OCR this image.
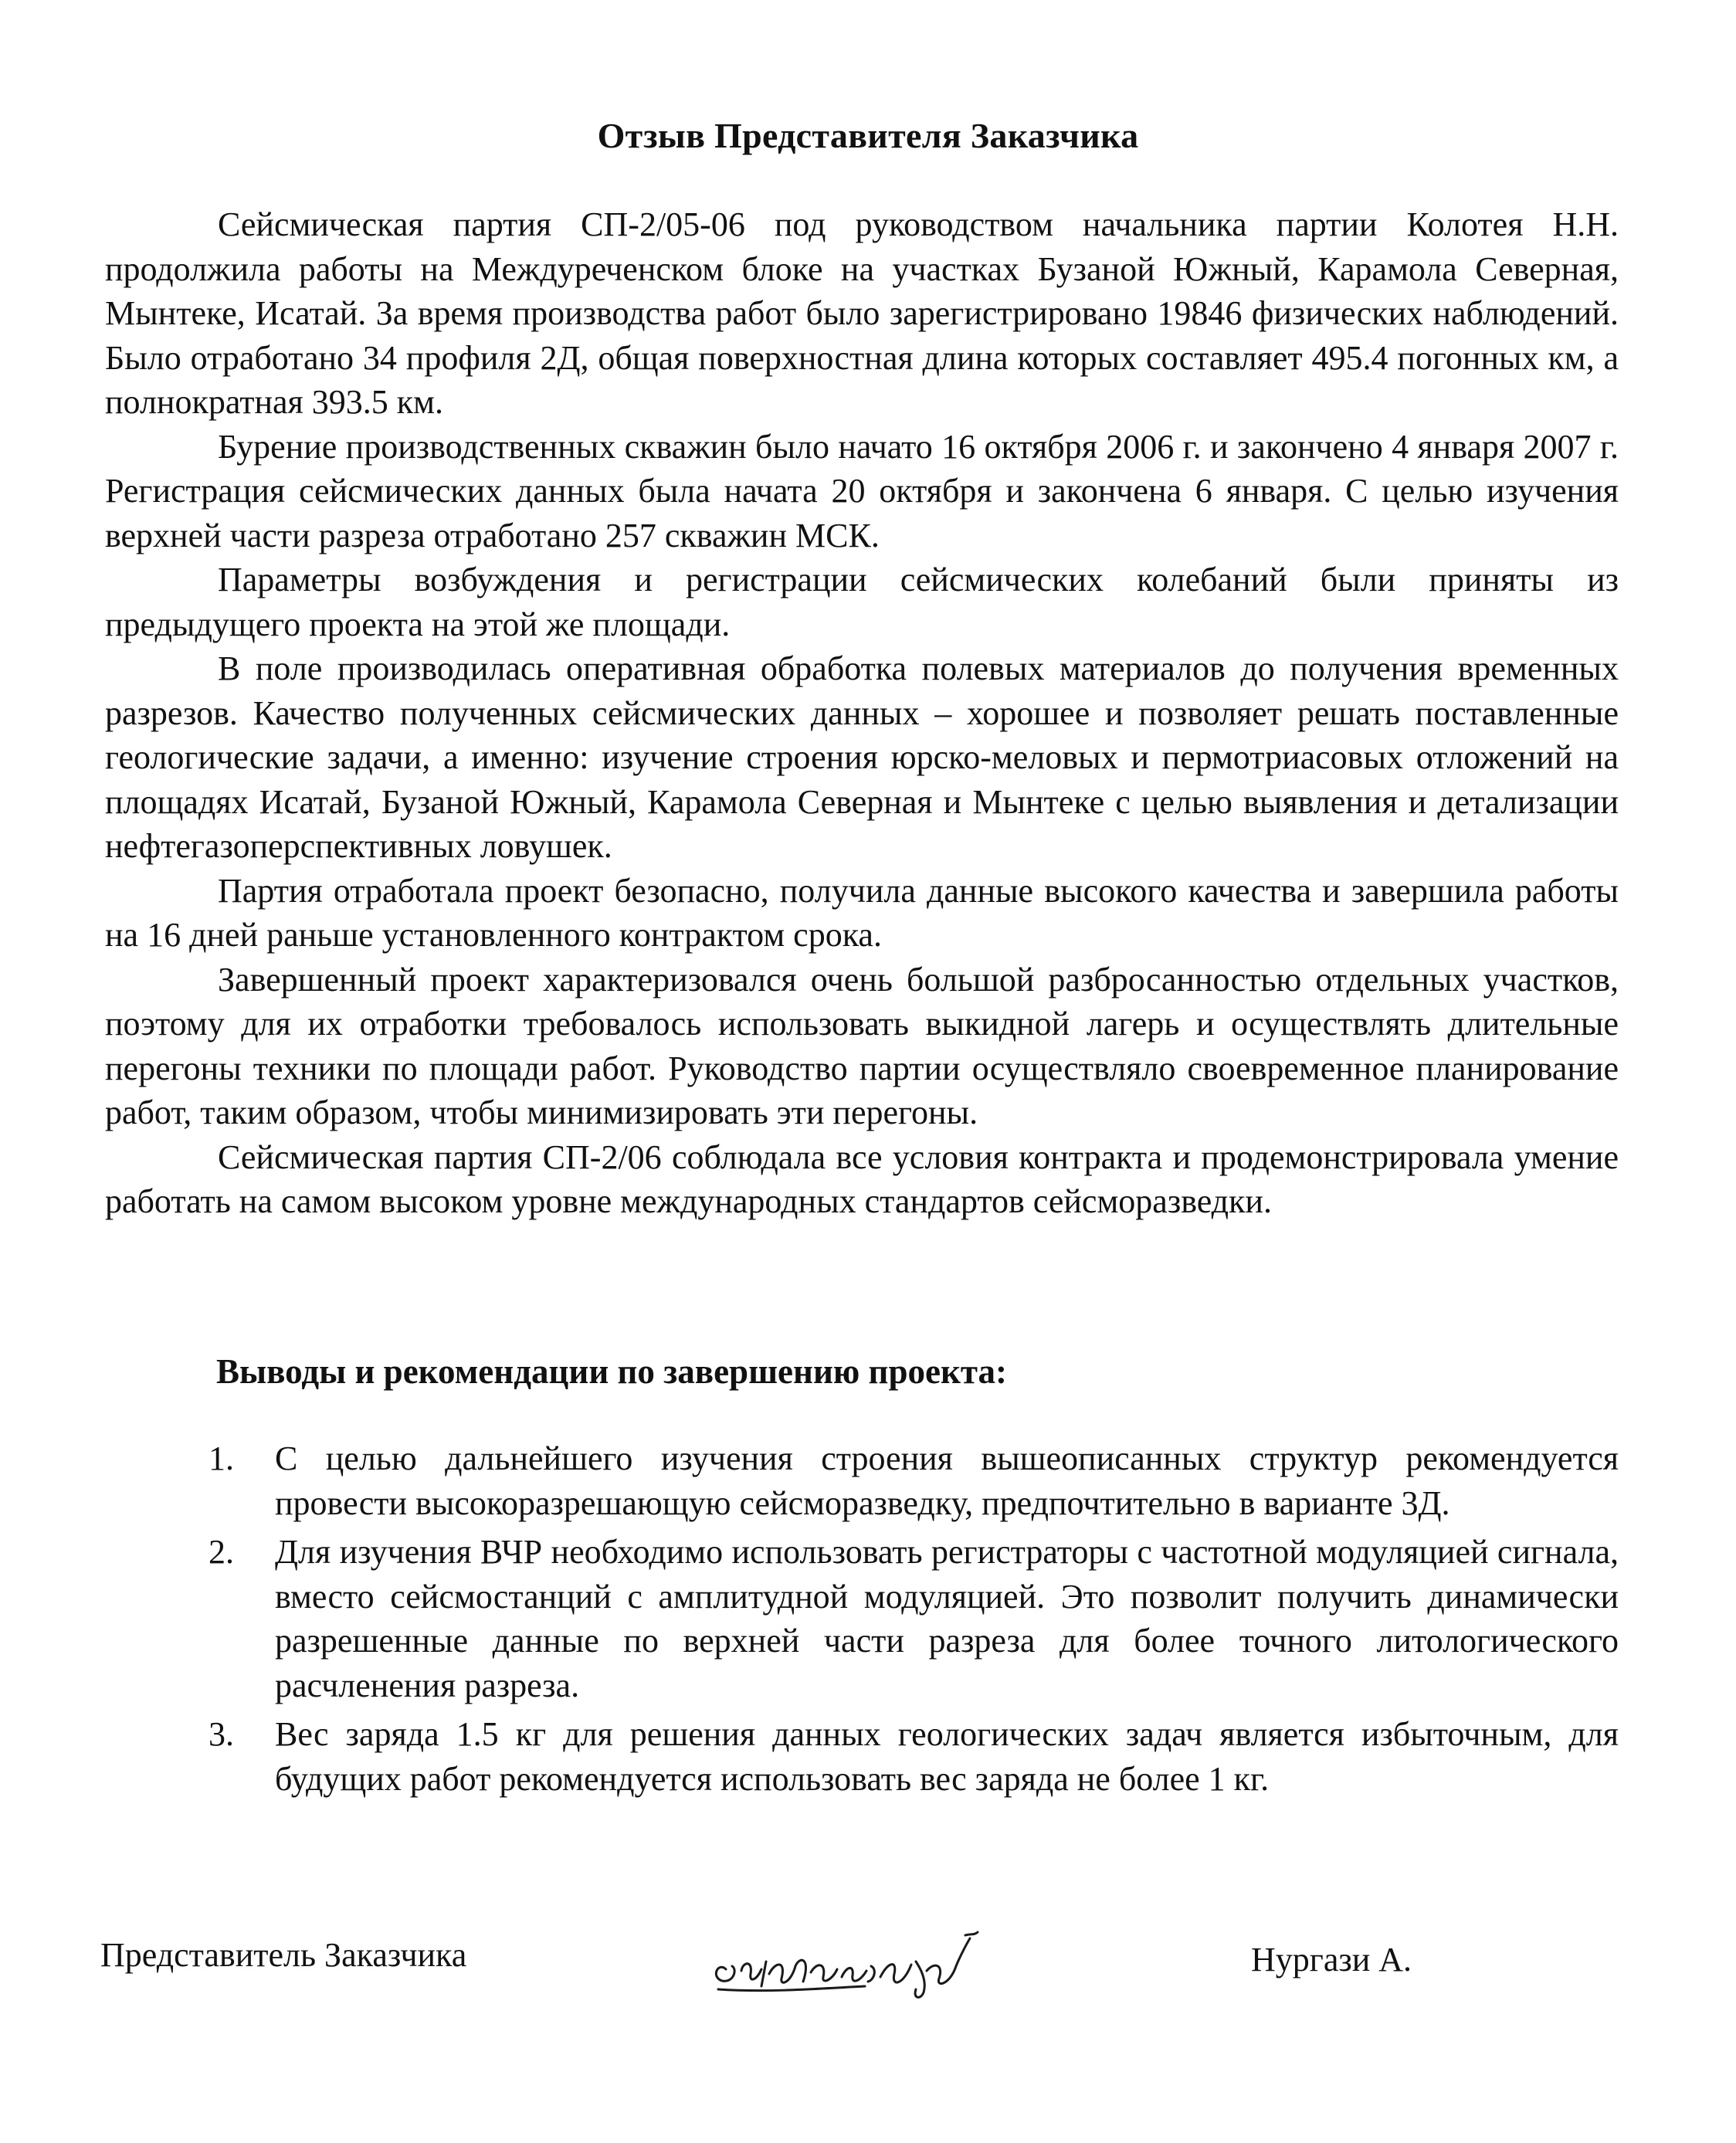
Отзыв Представителя Заказчика

Сейсмическая партия СП-2/05-06 под руководством начальника партии Колотея Н.Н. продолжила работы на Междуреченском блоке на участках Бузаной Южный, Карамола Северная, Мынтеке, Исатай. За время производства работ было зарегистрировано 19846 физических наблюдений. Было отработано 34 профиля 2Д, общая поверхностная длина которых составляет 495.4 погонных км, а полнократная 393.5 км.

Бурение производственных скважин было начато 16 октября 2006 г. и закончено 4 января 2007 г. Регистрация сейсмических данных была начата 20 октября и закончена 6 января. С целью изучения верхней части разреза отработано 257 скважин МСК.

Параметры возбуждения и регистрации сейсмических колебаний были приняты из предыдущего проекта на этой же площади.

В поле производилась оперативная обработка полевых материалов до получения временных разрезов. Качество полученных сейсмических данных – хорошее и позволяет решать поставленные геологические задачи, а именно: изучение строения юрско-меловых и пермотриасовых отложений на площадях Исатай, Бузаной Южный, Карамола Северная и Мынтеке с целью выявления и детализации нефтегазоперспективных ловушек.

Партия отработала проект безопасно, получила данные высокого качества и завершила работы на 16 дней раньше установленного контрактом срока.

Завершенный проект характеризовался очень большой разбросанностью отдельных участков, поэтому для их отработки требовалось использовать выкидной лагерь и осуществлять длительные перегоны техники по площади работ. Руководство партии осуществляло своевременное планирование работ, таким образом, чтобы минимизировать эти перегоны.

Сейсмическая партия СП-2/06 соблюдала все условия контракта и продемонстрировала умение работать на самом высоком уровне международных стандартов сейсморазведки.

Выводы и рекомендации по завершению проекта:
1. С целью дальнейшего изучения строения вышеописанных структур рекомендуется провести высокоразрешающую сейсморазведку, предпочтительно в варианте 3Д.
2. Для изучения ВЧР необходимо использовать регистраторы с частотной модуляцией сигнала, вместо сейсмостанций с амплитудной модуляцией. Это позволит получить динамически разрешенные данные по верхней части разреза для более точного литологического расчленения разреза.
3. Вес заряда 1.5 кг для решения данных геологических задач является избыточным, для будущих работ рекомендуется использовать вес заряда не более 1 кг.
Представитель Заказчика	Нургази А.
